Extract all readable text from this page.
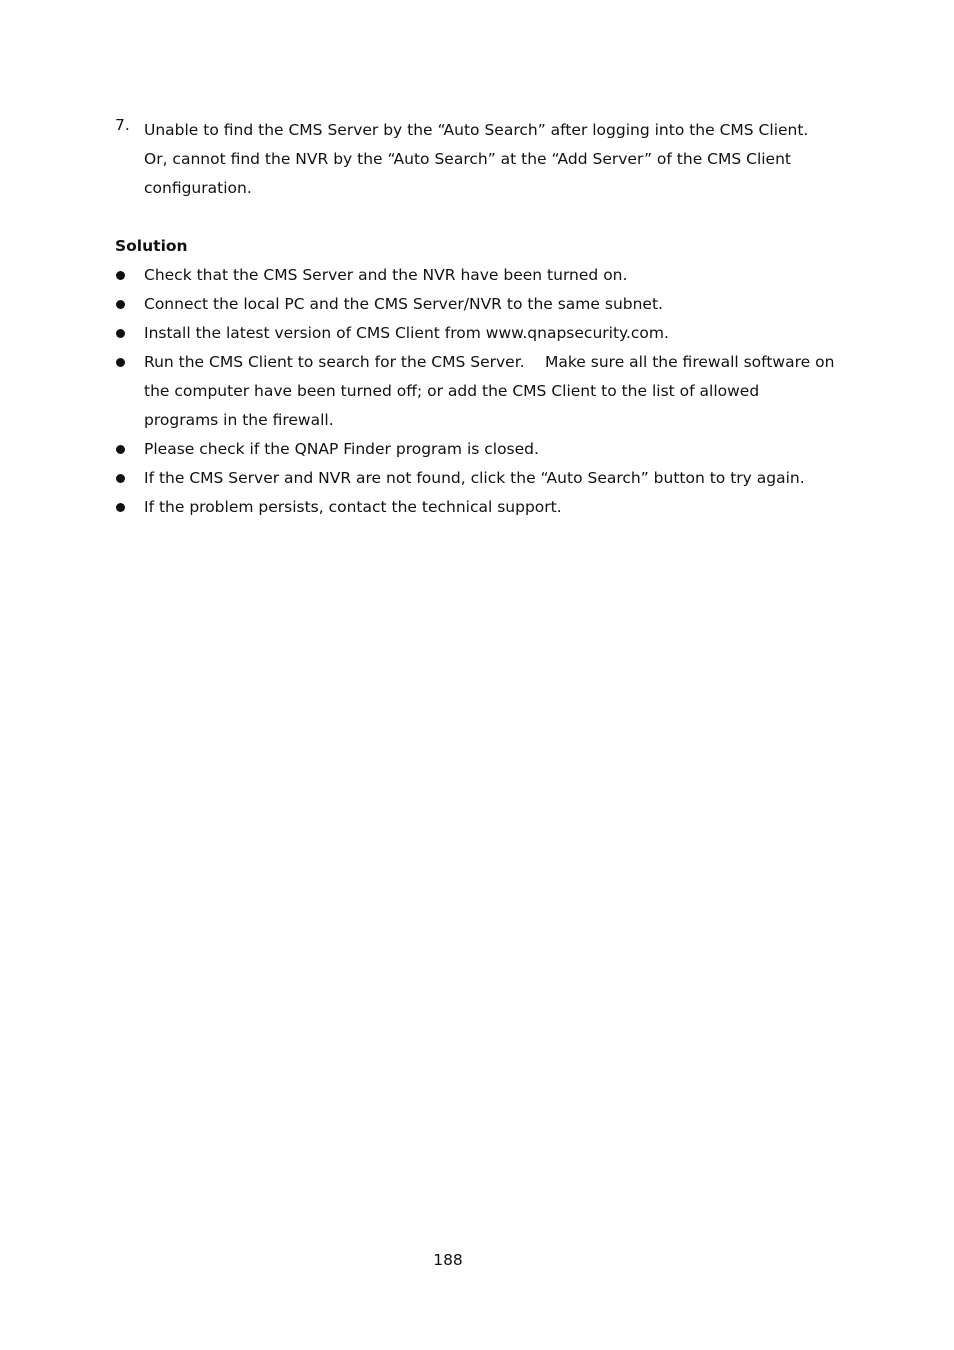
7. Unable to find the CMS Server by the “Auto Search” after logging into the CMS Client.
Or, cannot find the NVR by the “Auto Search” at the “Add Server” of the CMS Client
configuration.
Solution
Check that the CMS Server and the NVR have been turned on.
Connect the local PC and the CMS Server/NVR to the same subnet.
Install the latest version of CMS Client from www.qnapsecurity.com.
Run the CMS Client to search for the CMS Server.　 Make sure all the firewall software on
the computer have been turned off; or add the CMS Client to the list of allowed
programs in the firewall.
Please check if the QNAP Finder program is closed.
If the CMS Server and NVR are not found, click the “Auto Search” button to try again.
If the problem persists, contact the technical support.
188
